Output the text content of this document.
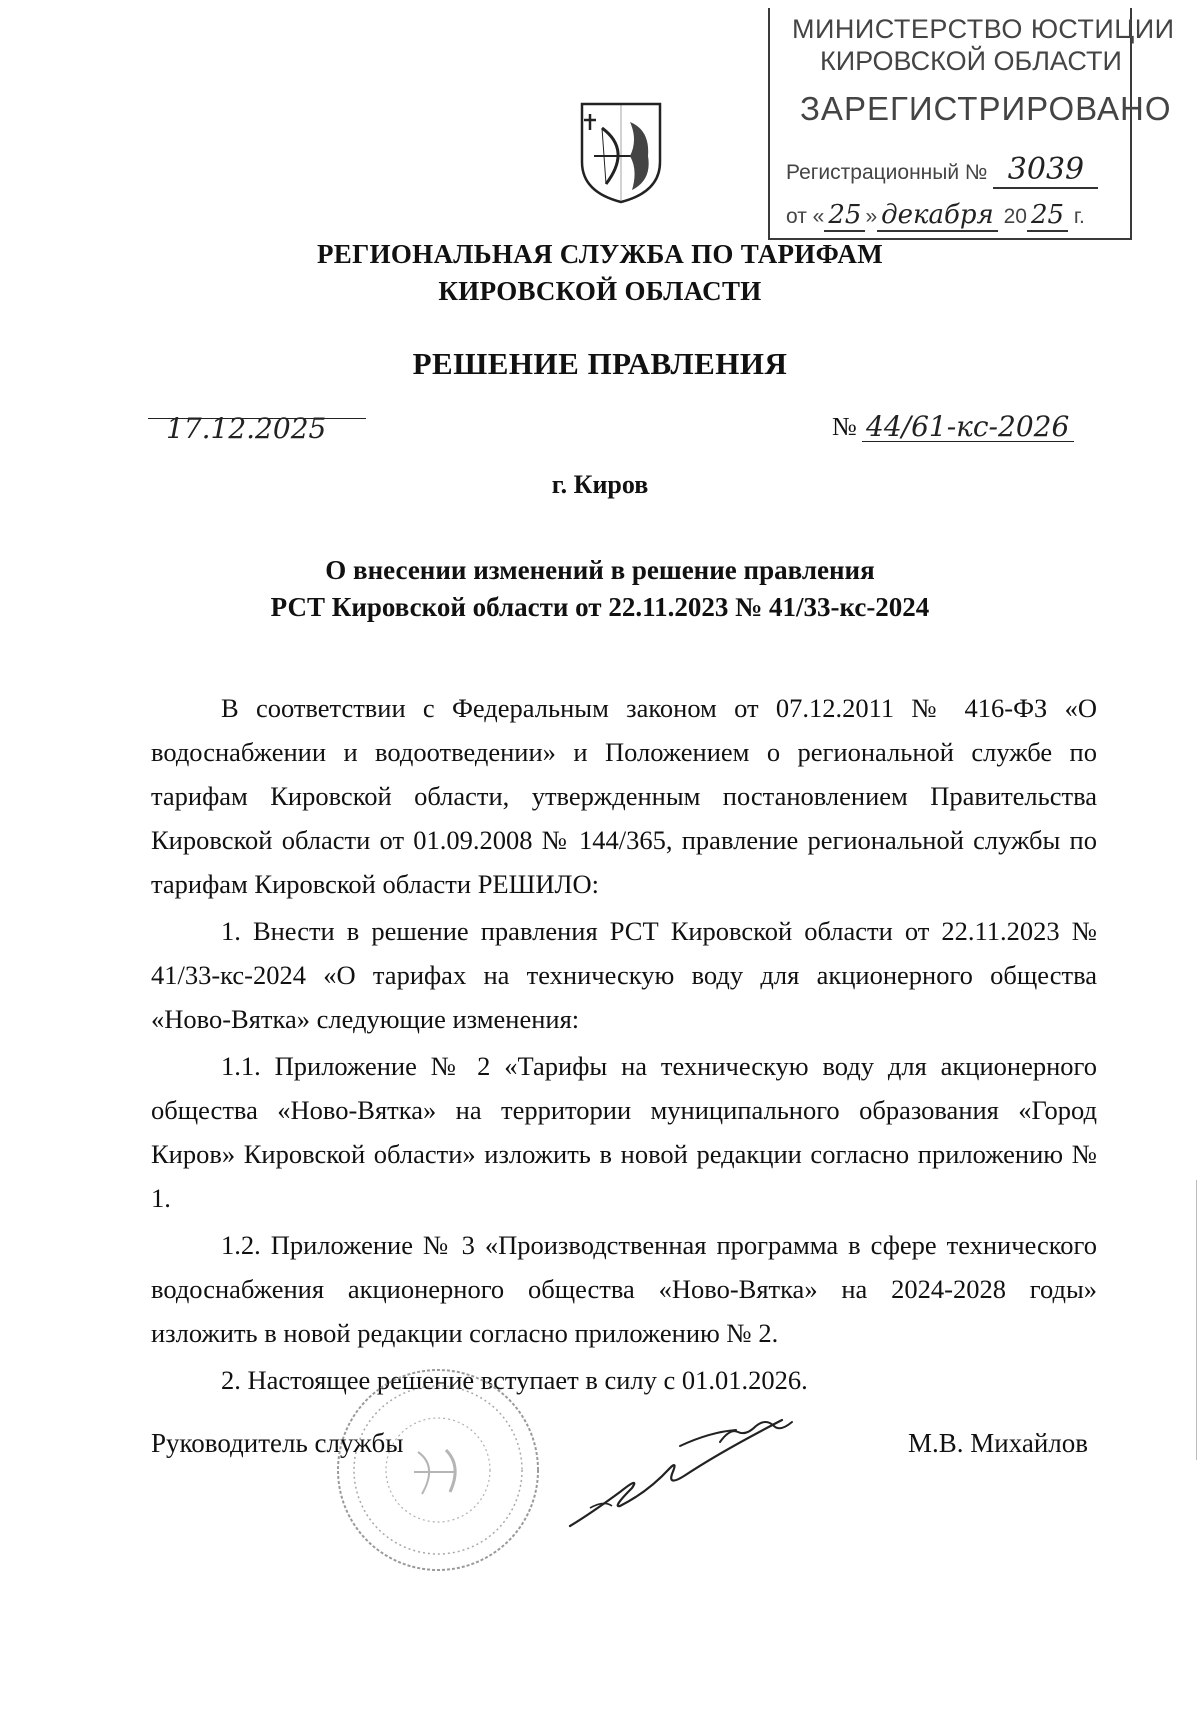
МИНИСТЕРСТВО ЮСТИЦИИ
КИРОВСКОЙ ОБЛАСТИ
ЗАРЕГИСТРИРОВАНО
Регистрационный № 3039
от « 25 » декабря 20 25 г.
РЕГИОНАЛЬНАЯ СЛУЖБА ПО ТАРИФАМ
КИРОВСКОЙ ОБЛАСТИ
РЕШЕНИЕ ПРАВЛЕНИЯ
17.12.2025	№ 44/61-кс-2026
г. Киров
О внесении изменений в решение правления
РСТ Кировской области от 22.11.2023 № 41/33-кс-2024

В соответствии с Федеральным законом от 07.12.2011 № 416-ФЗ «О водоснабжении и водоотведении» и Положением о региональной службе по тарифам Кировской области, утвержденным постановлением Правительства Кировской области от 01.09.2008 № 144/365, правление региональной службы по тарифам Кировской области РЕШИЛО:

1. Внести в решение правления РСТ Кировской области от 22.11.2023 № 41/33-кс-2024 «О тарифах на техническую воду для акционерного общества «Ново-Вятка» следующие изменения:

1.1. Приложение № 2 «Тарифы на техническую воду для акционерного общества «Ново-Вятка» на территории муниципального образования «Город Киров» Кировской области» изложить в новой редакции согласно приложению № 1.

1.2. Приложение № 3 «Производственная программа в сфере технического водоснабжения акционерного общества «Ново-Вятка» на 2024-2028 годы» изложить в новой редакции согласно приложению № 2.

2. Настоящее решение вступает в силу с 01.01.2026.

Руководитель службы	М.В. Михайлов
